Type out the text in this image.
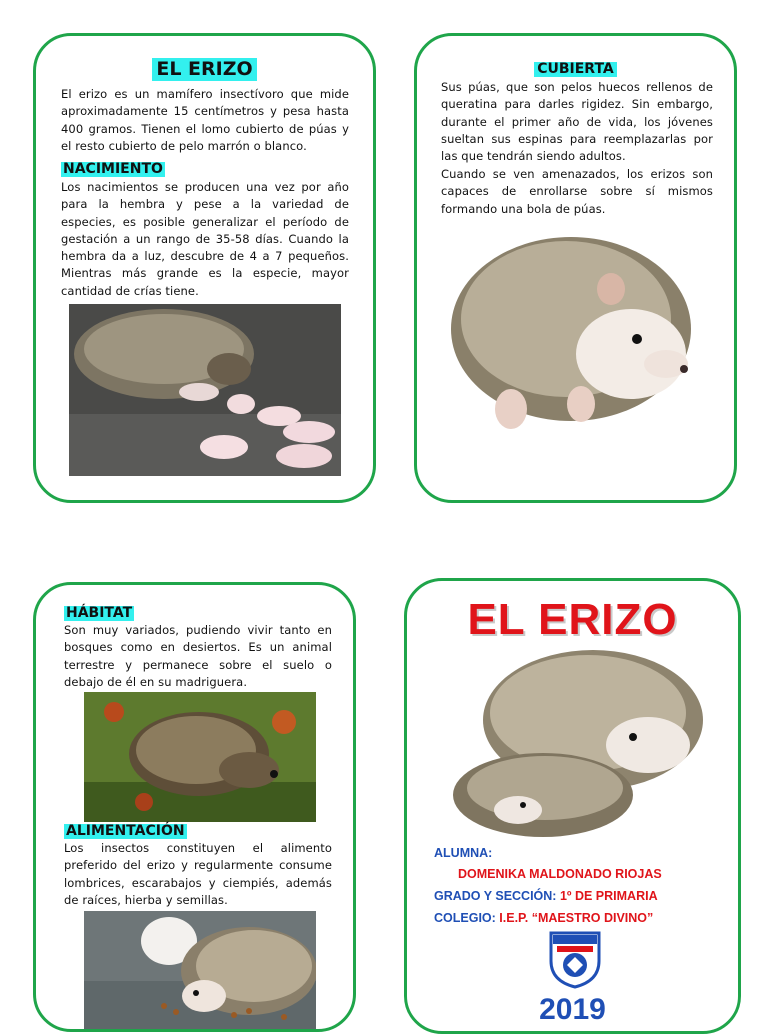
EL ERIZO
El erizo es un mamífero insectívoro que mide aproximadamente 15 centímetros y pesa hasta 400 gramos. Tienen el lomo cubierto de púas y el resto cubierto de pelo marrón o blanco.
NACIMIENTO
Los nacimientos se producen una vez por año para la hembra y pese a la variedad de especies, es posible generalizar el período de gestación a un rango de 35-58 días. Cuando la hembra da a luz, descubre de 4 a 7 pequeños. Mientras más grande es la especie, mayor cantidad de crías tiene.
CUBIERTA
Sus púas, que son pelos huecos rellenos de queratina para darles rigidez. Sin embargo, durante el primer año de vida, los jóvenes sueltan sus espinas para reemplazarlas por las que tendrán siendo adultos.
Cuando se ven amenazados, los erizos son capaces de enrollarse sobre sí mismos formando una bola de púas.
HÁBITAT
Son muy variados, pudiendo vivir tanto en bosques como en desiertos. Es un animal terrestre y permanece sobre el suelo o debajo de él en su madriguera.
ALIMENTACIÓN
Los insectos constituyen el alimento preferido del erizo y regularmente consume lombrices, escarabajos y ciempiés, además de raíces, hierba y semillas.
EL ERIZO
ALUMNA:
DOMENIKA MALDONADO RIOJAS
GRADO Y SECCIÓN: 1º DE PRIMARIA
COLEGIO: I.E.P. “MAESTRO DIVINO”
2019
